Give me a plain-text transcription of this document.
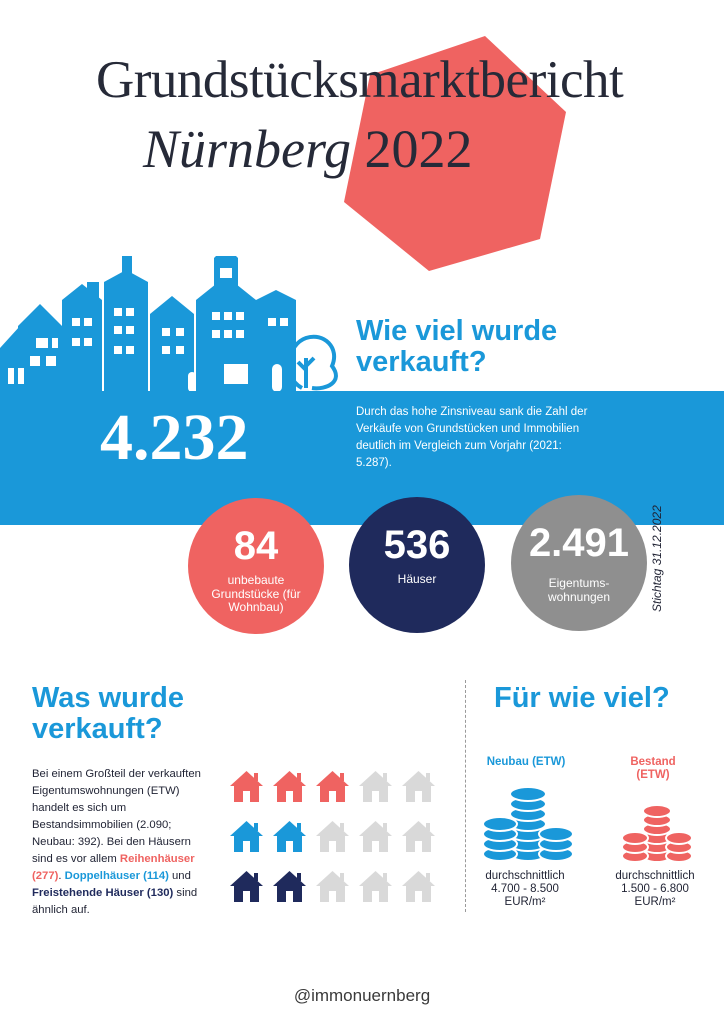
Grundstücksmarktbericht
Nürnberg 2022
Wie viel wurde verkauft?
4.232	Durch das hohe Zinsniveau sank die Zahl der Verkäufe von Grundstücken und Immobilien deutlich im Vergleich zum Vorjahr (2021: 5.287).
84
unbebaute Grundstücke (für Wohnbau)
536
Häuser
2.491
Eigentums-wohnungen	Stichtag 31.12.2022
Was wurde verkauft?
Für wie viel?
Bei einem Großteil der verkauften Eigentumswohnungen (ETW) handelt es sich um Bestandsimmobilien (2.090; Neubau: 392). Bei den Häusern sind es vor allem Reihenhäuser (277). Doppelhäuser (114) und Freistehende Häuser (130) sind ähnlich auf.
Neubau (ETW)	Bestand (ETW)
durchschnittlich 4.700 - 8.500 EUR/m²
durchschnittlich 1.500 - 6.800 EUR/m²
@immonuernberg
